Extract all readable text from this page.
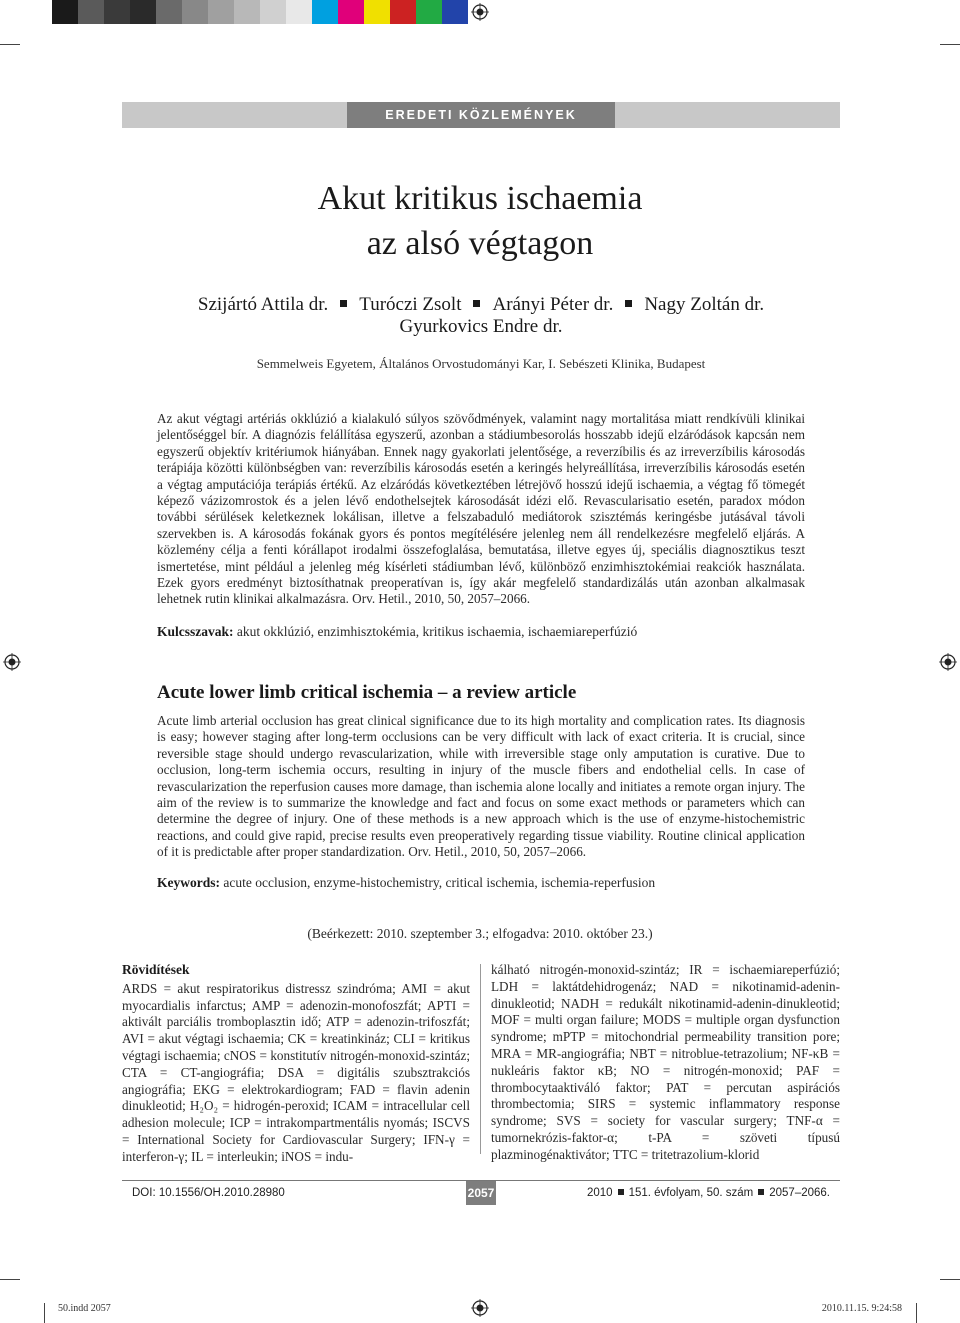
EREDETI KÖZLEMÉNYEK
Akut kritikus ischaemia
az alsó végtagon
Szijártó Attila dr. Turóczi Zsolt Arányi Péter dr. Nagy Zoltán dr.
Gyurkovics Endre dr.
Semmelweis Egyetem, Általános Orvostudományi Kar, I. Sebészeti Klinika, Budapest

Az akut végtagi artériás okklúzió a kialakuló súlyos szövődmények, valamint nagy mortalitása miatt rendkívüli klinikai jelentőséggel bír. A diagnózis felállítása egyszerű, azonban a stádiumbesorolás hosszabb idejű elzáródások kapcsán nem egyszerű objektív kritériumok hiányában. Ennek nagy gyakorlati jelentősége, a reverzíbilis és az irreverzíbilis károsodás terápiája közötti különbségben van: reverzíbilis károsodás esetén a keringés helyreállítása, irreverzíbilis károsodás esetén a végtag amputációja terápiás értékű. Az elzáródás következtében létrejövő hosszú idejű ischaemia, a végtag fő tömegét képező vázizomrostok és a jelen lévő endothelsejtek károsodását idézi elő. Revascularisatio esetén, paradox módon további sérülések keletkeznek lokálisan, illetve a felszabaduló mediátorok szisztémás keringésbe jutásával távoli szervekben is. A károsodás fokának gyors és pontos megítélésére jelenleg nem áll rendelkezésre megfelelő eljárás. A közlemény célja a fenti kórállapot irodalmi összefoglalása, bemutatása, illetve egyes új, speciális diagnosztikus teszt ismertetése, mint például a jelenleg még kísérleti stádiumban lévő, különböző enzimhisztokémiai reakciók használata. Ezek gyors eredményt biztosíthatnak preoperatívan is, így akár megfelelő standardizálás után azonban alkalmasak lehetnek rutin klinikai alkalmazásra. Orv. Hetil., 2010, 50, 2057–2066.

Kulcsszavak: akut okklúzió, enzimhisztokémia, kritikus ischaemia, ischaemiareperfúzió
Acute lower limb critical ischemia – a review article

Acute limb arterial occlusion has great clinical significance due to its high mortality and complication rates. Its diagnosis is easy; however staging after long-term occlusions can be very difficult with lack of exact criteria. It is crucial, since reversible stage should undergo revascularization, while with irreversible stage only amputation is curative. Due to occlusion, long-term ischemia occurs, resulting in injury of the muscle fibers and endothelial cells. In case of revascularization the reperfusion causes more damage, than ischemia alone locally and initiates a remote organ injury. The aim of the review is to summarize the knowledge and fact and focus on some exact methods or parameters which can determine the degree of injury. One of these methods is a new approach which is the use of enzyme-histochemistric reactions, and could give rapid, precise results even preoperatively regarding tissue viability. Routine clinical application of it is predictable after proper standardization. Orv. Hetil., 2010, 50, 2057–2066.

Keywords: acute occlusion, enzyme-histochemistry, critical ischemia, ischemia-reperfusion
(Beérkezett: 2010. szeptember 3.; elfogadva: 2010. október 23.)
Rövidítések
ARDS = akut respiratorikus distressz szindróma; AMI = akut myocardialis infarctus; AMP = adenozin-monofoszfát; APTI = aktivált parciális tromboplasztin idő; ATP = adenozin-trifoszfát; AVI = akut végtagi ischaemia; CK = kreatinkináz; CLI = kritikus végtagi ischaemia; cNOS = konstitutív nitrogén-monoxid-szintáz; CTA = CT-angiográfia; DSA = digitális szubsztrakciós angiográfia; EKG = elektrokardiogram; FAD = flavin adenin dinukleotid; H₂O₂ = hidrogén-peroxid; ICAM = intracellular cell adhesion molecule; ICP = intrakompartmentális nyomás; ISCVS = International Society for Cardiovascular Surgery; IFN-γ = interferon-γ; IL = interleukin; iNOS = indu-
kálható nitrogén-monoxid-szintáz; IR = ischaemiareperfúzió; LDH = laktátdehidrogenáz; NAD = nikotinamid-adenin-dinukleotid; NADH = redukált nikotinamid-adenin-dinukleotid; MOF = multi organ failure; MODS = multiple organ dysfunction syndrome; mPTP = mitochondrial permeability transition pore; MRA = MR-angiográfia; NBT = nitroblue-tetrazolium; NF-κB = nukleáris faktor κB; NO = nitrogén-monoxid; PAF = thrombocytaaktiváló faktor; PAT = percutan aspirációs thrombectomia; SIRS = systemic inflammatory response syndrome; SVS = society for vascular surgery; TNF-α = tumornekrózis-faktor-α; t-PA = szöveti típusú plazminogénaktivátor; TTC = tritetrazolium-klorid
DOI: 10.1556/OH.2010.28980	2057	2010 151. évfolyam, 50. szám 2057–2066.
50.indd 2057	2010.11.15. 9:24:58
